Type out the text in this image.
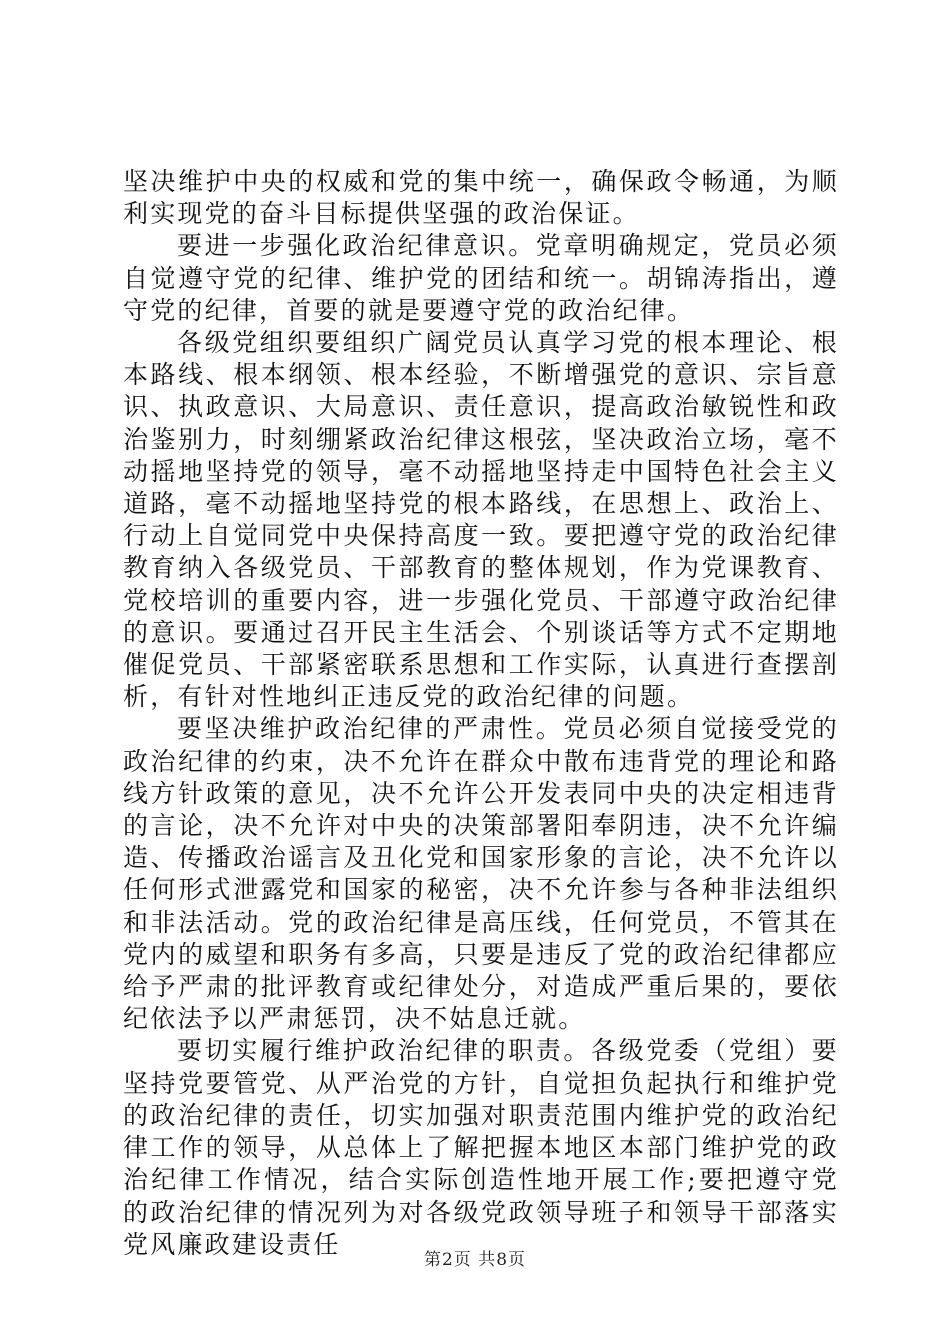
坚决维护中央的权威和党的集中统一，确保政令畅通，为顺利实现党的奋斗目标提供坚强的政治保证。

要进一步强化政治纪律意识。党章明确规定，党员必须自觉遵守党的纪律、维护党的团结和统一。胡锦涛指出，遵守党的纪律，首要的就是要遵守党的政治纪律。

各级党组织要组织广阔党员认真学习党的根本理论、根本路线、根本纲领、根本经验，不断增强党的意识、宗旨意识、执政意识、大局意识、责任意识，提高政治敏锐性和政治鉴别力，时刻绷紧政治纪律这根弦，坚决政治立场，毫不动摇地坚持党的领导，毫不动摇地坚持走中国特色社会主义道路，毫不动摇地坚持党的根本路线，在思想上、政治上、行动上自觉同党中央保持高度一致。要把遵守党的政治纪律教育纳入各级党员、干部教育的整体规划，作为党课教育、党校培训的重要内容，进一步强化党员、干部遵守政治纪律的意识。要通过召开民主生活会、个别谈话等方式不定期地催促党员、干部紧密联系思想和工作实际，认真进行查摆剖析，有针对性地纠正违反党的政治纪律的问题。

要坚决维护政治纪律的严肃性。党员必须自觉接受党的政治纪律的约束，决不允许在群众中散布违背党的理论和路线方针政策的意见，决不允许公开发表同中央的决定相违背的言论，决不允许对中央的决策部署阳奉阴违，决不允许编造、传播政治谣言及丑化党和国家形象的言论，决不允许以任何形式泄露党和国家的秘密，决不允许参与各种非法组织和非法活动。党的政治纪律是高压线，任何党员，不管其在党内的威望和职务有多高，只要是违反了党的政治纪律都应给予严肃的批评教育或纪律处分，对造成严重后果的，要依纪依法予以严肃惩罚，决不姑息迁就。

要切实履行维护政治纪律的职责。各级党委（党组）要坚持党要管党、从严治党的方针，自觉担负起执行和维护党的政治纪律的责任，切实加强对职责范围内维护党的政治纪律工作的领导，从总体上了解把握本地区本部门维护党的政治纪律工作情况，结合实际创造性地开展工作;要把遵守党的政治纪律的情况列为对各级党政领导班子和领导干部落实党风廉政建设责任

第2页 共8页
